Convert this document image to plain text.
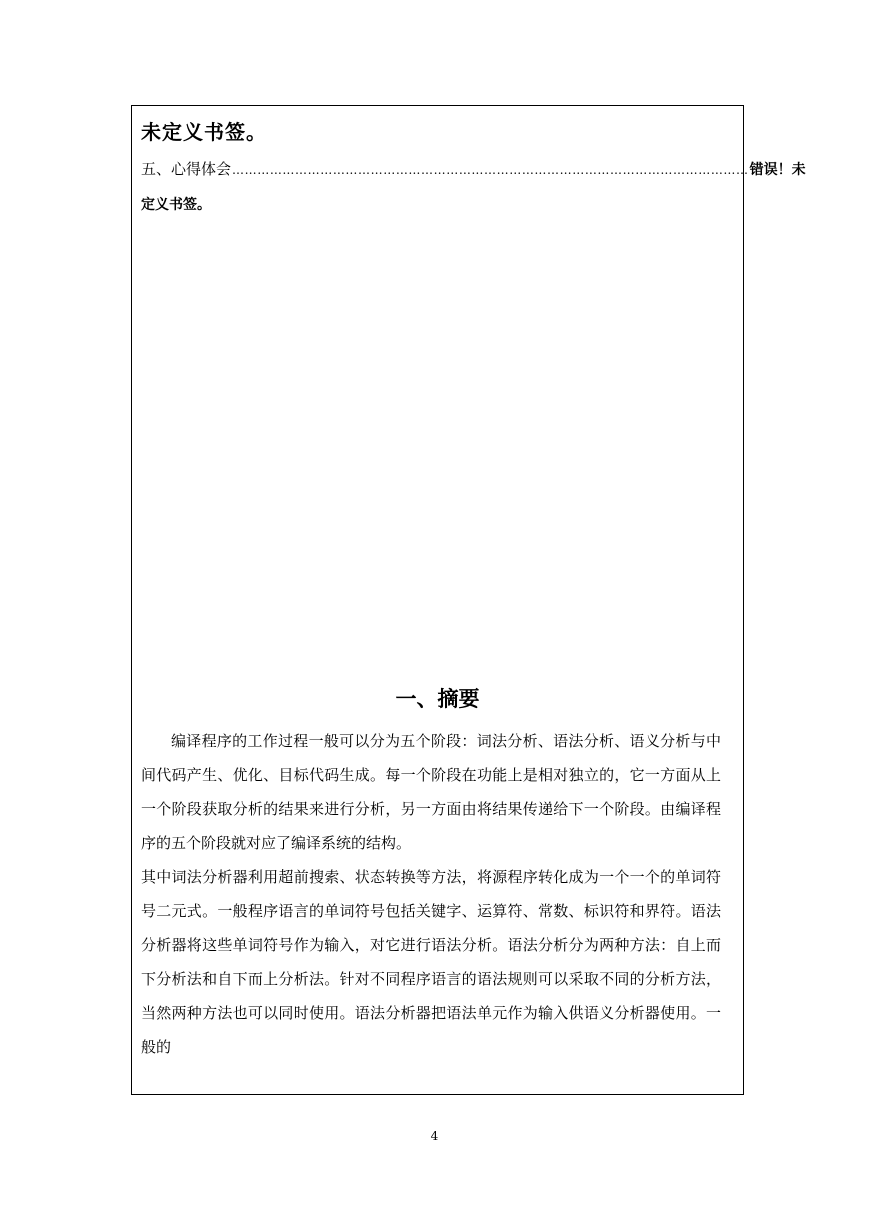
未定义书签。

五、心得体会 …………………………………………………………………………………………………………… 错误！未

定义书签。

一、摘要

编译程序的工作过程一般可以分为五个阶段：词法分析、语法分析、语义分析与中间代码产生、优化、目标代码生成。每一个阶段在功能上是相对独立的，它一方面从上一个阶段获取分析的结果来进行分析，另一方面由将结果传递给下一个阶段。由编译程序的五个阶段就对应了编译系统的结构。

其中词法分析器利用超前搜索、状态转换等方法，将源程序转化成为一个一个的单词符号二元式。一般程序语言的单词符号包括关键字、运算符、常数、标识符和界符。语法分析器将这些单词符号作为输入，对它进行语法分析。语法分析分为两种方法：自上而下分析法和自下而上分析法。针对不同程序语言的语法规则可以采取不同的分析方法，当然两种方法也可以同时使用。语法分析器把语法单元作为输入供语义分析器使用。一般的

4
